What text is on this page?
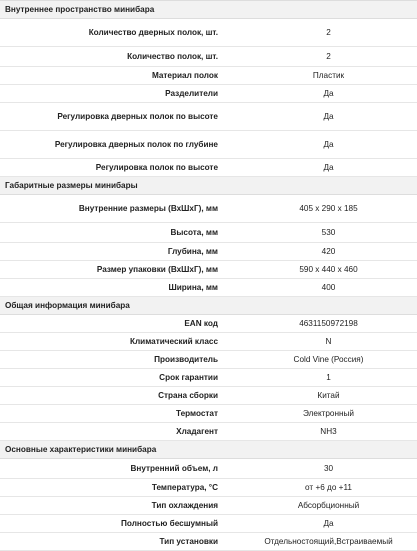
Внутреннее пространство минибара	
Количество дверных полок, шт.	2
Количество полок, шт.	2
Материал полок	Пластик
Разделители	Да
Регулировка дверных полок по высоте	Да
Регулировка дверных полок по глубине	Да
Регулировка полок по высоте	Да
Габаритные размеры минибары	
Внутренние размеры (ВхШхГ), мм	405 x 290 x 185
Высота, мм	530
Глубина, мм	420
Размер упаковки (ВхШхГ), мм	590 x 440 x 460
Ширина, мм	400
Общая информация минибара	
EAN код	4631150972198
Климатический класс	N
Производитель	Cold Vine (Россия)
Срок гарантии	1
Страна сборки	Китай
Термостат	Электронный
Хладагент	NH3
Основные характеристики минибара	
Внутренний объем, л	30
Температура, °С	от +6 до +11
Тип охлаждения	Абсорбционный
Полностью бесшумный	Да
Тип установки	Отдельностоящий,Встраиваемый
